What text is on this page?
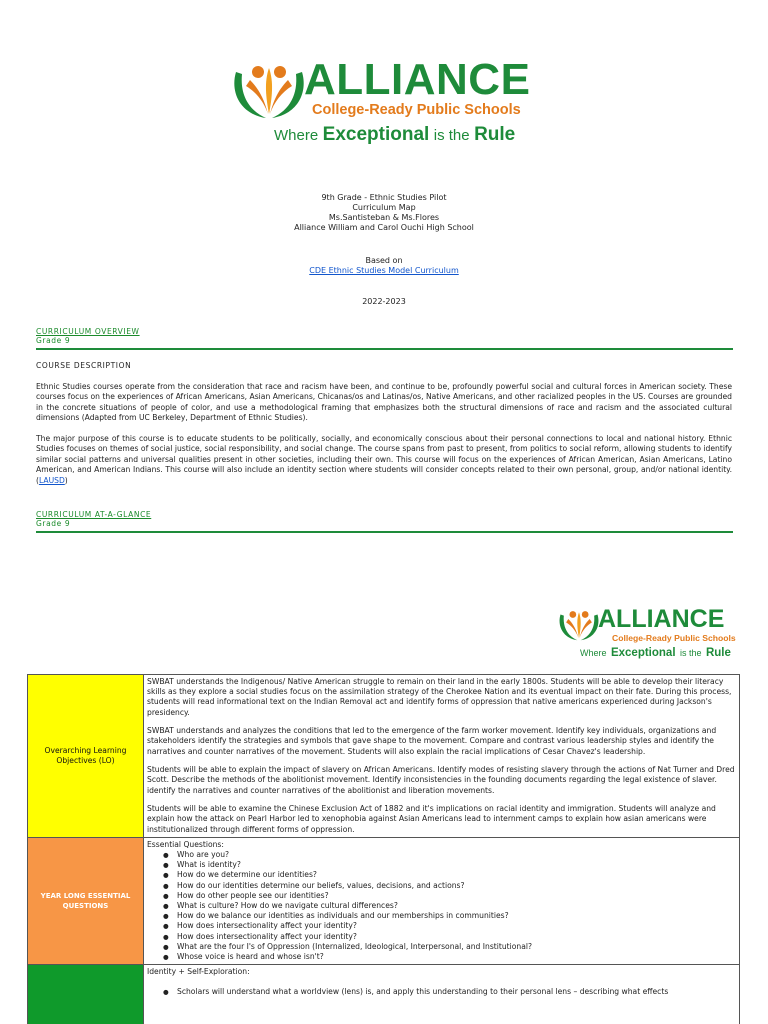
ALLIANCE
College-Ready Public Schools
Where Exceptional is the Rule
9th Grade - Ethnic Studies Pilot
Curriculum Map
Ms.Santisteban & Ms.Flores
Alliance William and Carol Ouchi High School
Based on
CDE Ethnic Studies Model Curriculum
2022-2023
CURRICULUM OVERVIEW
Grade 9
COURSE DESCRIPTION
Ethnic Studies courses operate from the consideration that race and racism have been, and continue to be, profoundly powerful social and cultural forces in American society. These courses focus on the experiences of African Americans, Asian Americans, Chicanas/os and Latinas/os, Native Americans, and other racialized peoples in the US. Courses are grounded in the concrete situations of people of color, and use a methodological framing that emphasizes both the structural dimensions of race and racism and the associated cultural dimensions (Adapted from UC Berkeley, Department of Ethnic Studies).
The major purpose of this course is to educate students to be politically, socially, and economically conscious about their personal connections to local and national history. Ethnic Studies focuses on themes of social justice, social responsibility, and social change. The course spans from past to present, from politics to social reform, allowing students to identify similar social patterns and universal qualities present in other societies, including their own. This course will focus on the experiences of African American, Asian Americans, Latino American, and American Indians. This course will also include an identity section where students will consider concepts related to their own personal, group, and/or national identity. (LAUSD)
CURRICULUM AT-A-GLANCE
Grade 9
ALLIANCE
College-Ready Public Schools
Where Exceptional is the Rule
Overarching Learning Objectives (LO)

SWBAT understands the Indigenous/ Native American struggle to remain on their land in the early 1800s. Students will be able to develop their literacy skills as they explore a social studies focus on the assimilation strategy of the Cherokee Nation and its eventual impact on their fate. During this process, students will read informational text on the Indian Removal act and identify forms of oppression that native americans experienced during Jackson's presidency.

SWBAT understands and analyzes the conditions that led to the emergence of the farm worker movement. Identify key individuals, organizations and stakeholders identify the strategies and symbols that gave shape to the movement. Compare and contrast various leadership styles and identify the narratives and counter narratives of the movement. Students will also explain the racial implications of Cesar Chavez's leadership.

Students will be able to explain the impact of slavery on African Americans. Identify modes of resisting slavery through the actions of Nat Turner and Dred Scott. Describe the methods of the abolitionist movement. Identify inconsistencies in the founding documents regarding the legal existence of slaver. identify the narratives and counter narratives of the abolitionist and liberation movements.

Students will be able to examine the Chinese Exclusion Act of 1882 and it's implications on racial identity and immigration. Students will analyze and explain how the attack on Pearl Harbor led to xenophobia against Asian Americans lead to internment camps to explain how asian americans were institutionalized through different forms of oppression.

YEAR LONG ESSENTIAL QUESTIONS
Essential Questions:
● Who are you?
● What is identity?
● How do we determine our identities?
● How do our identities determine our beliefs, values, decisions, and actions?
● How do other people see our identities?
● What is culture? How do we navigate cultural differences?
● How do we balance our identities as individuals and our memberships in communities?
● How does intersectionality affect your identity?
● How does intersectionality affect your identity?
● What are the four I's of Oppression (Internalized, Ideological, Interpersonal, and Institutional?
● Whose voice is heard and whose isn't?
Identity + Self-Exploration:
● Scholars will understand what a worldview (lens) is, and apply this understanding to their personal lens – describing what effects
